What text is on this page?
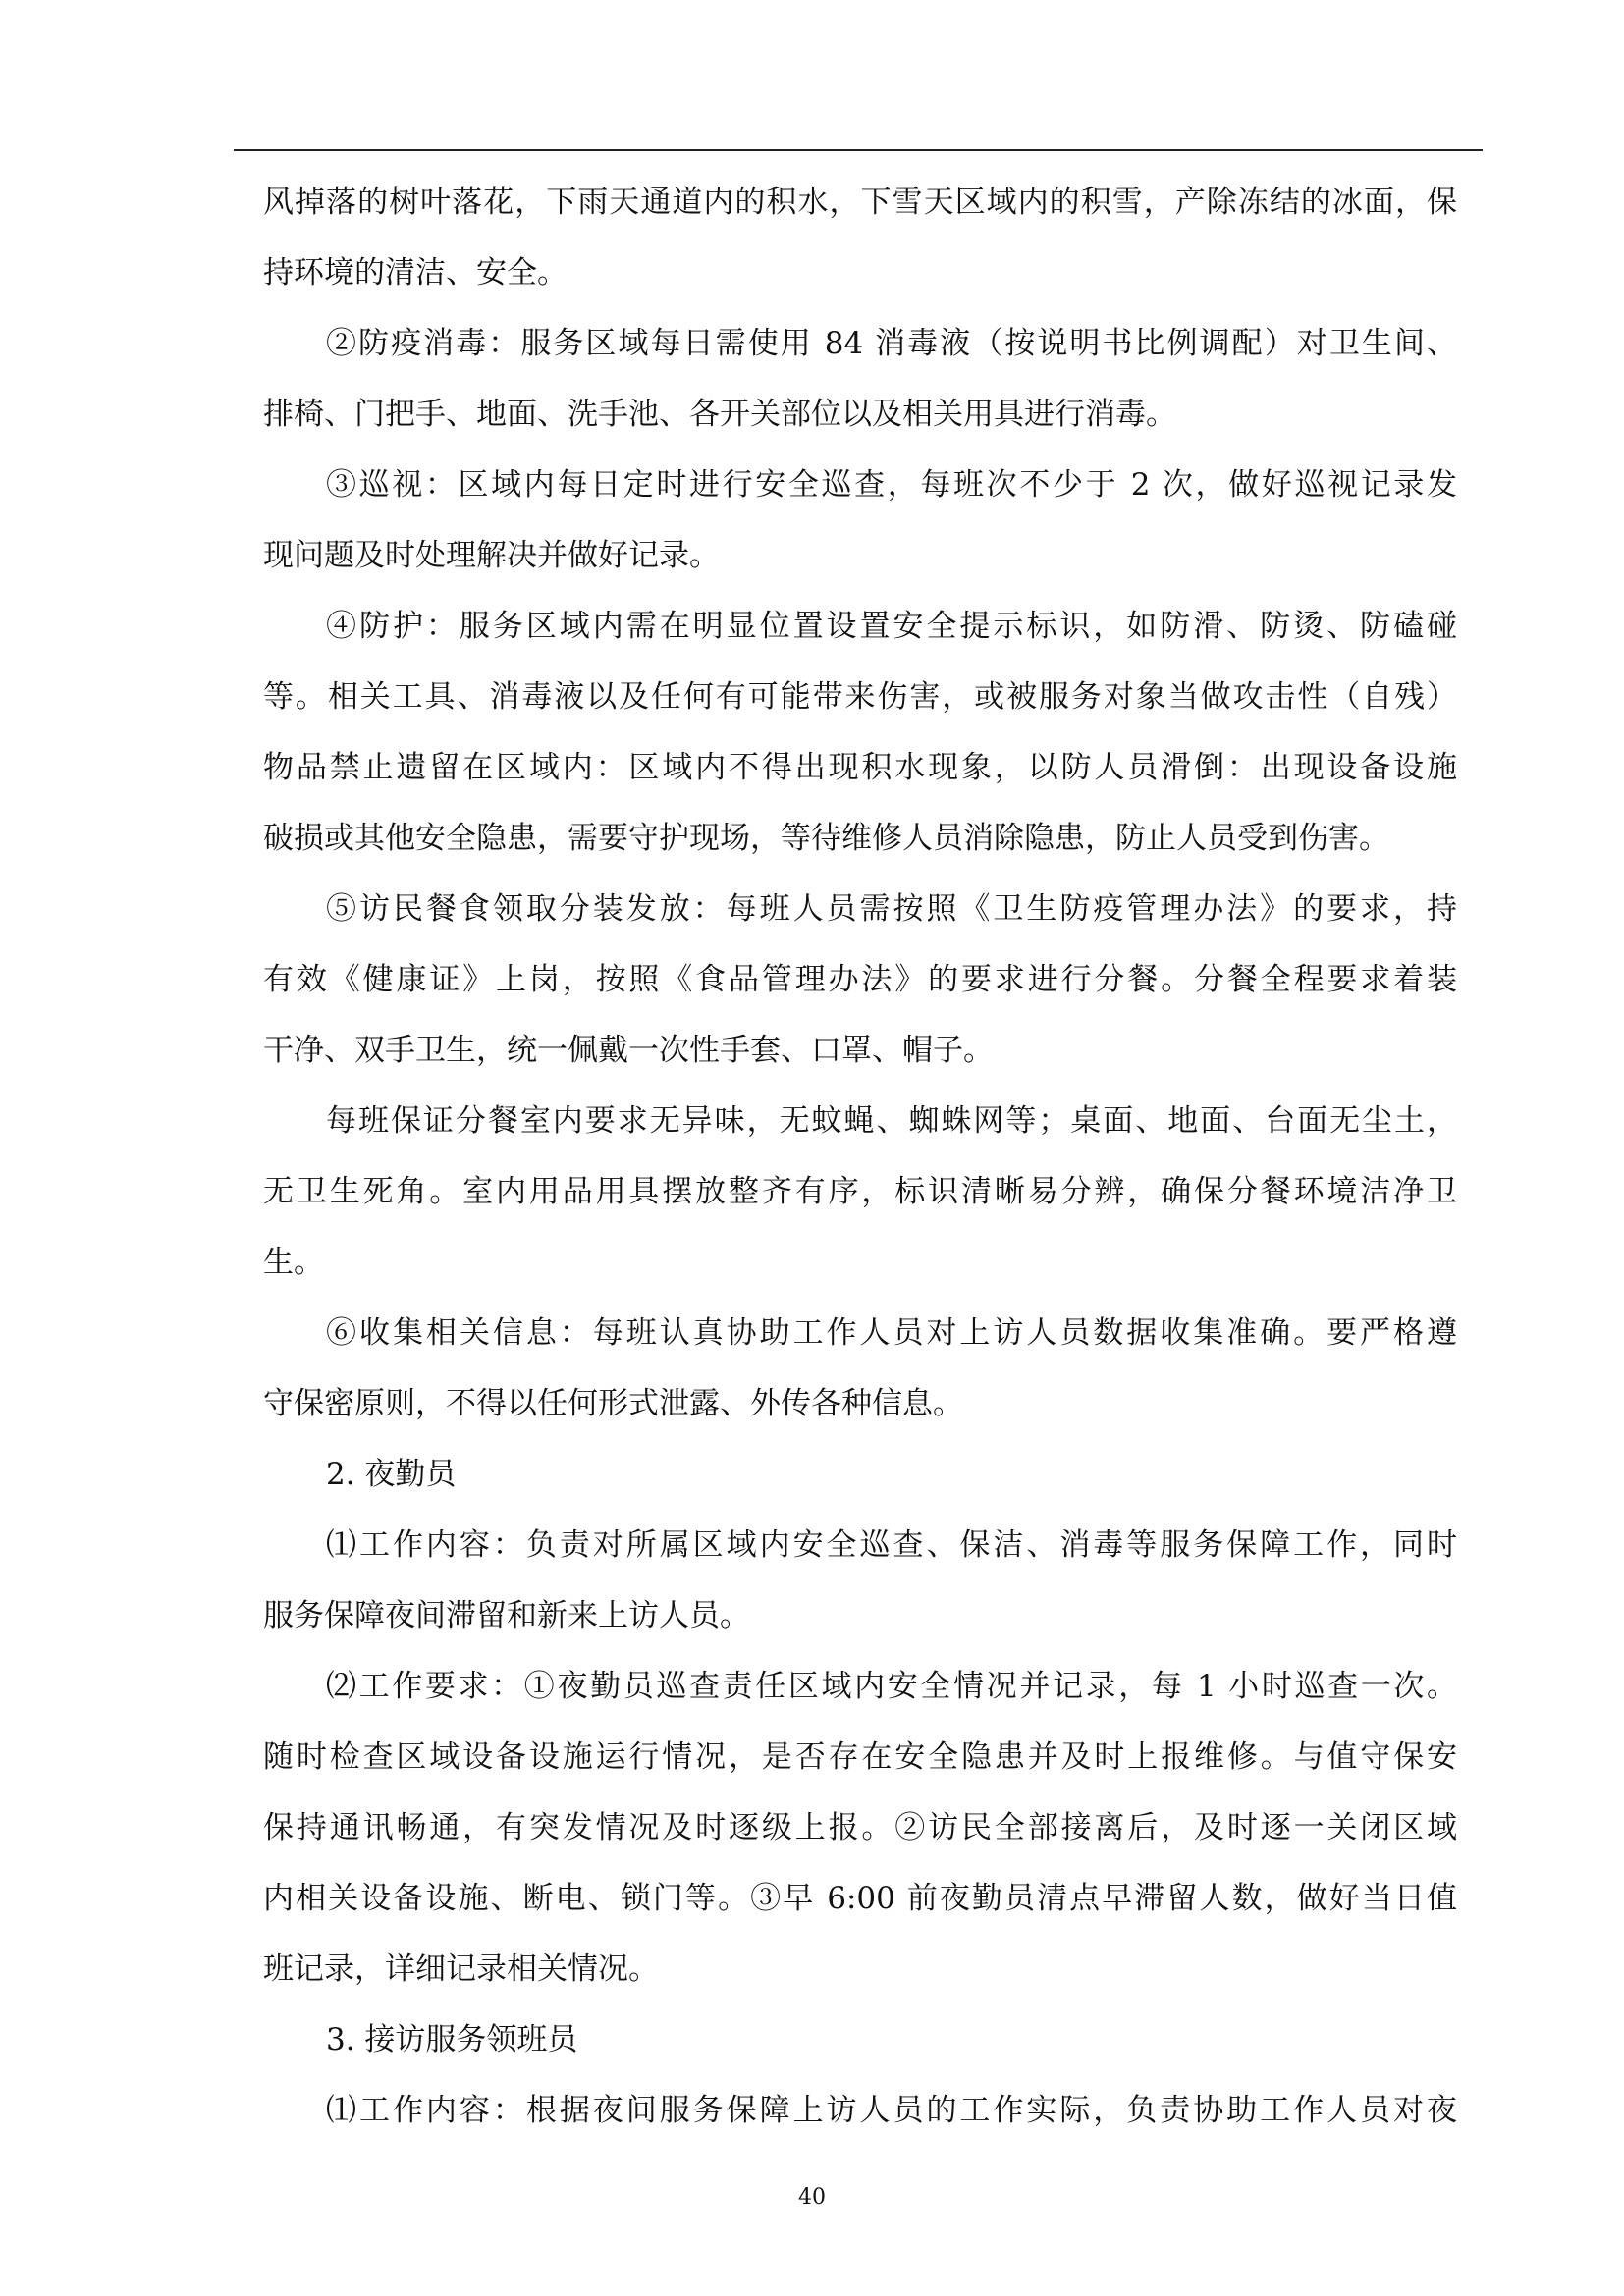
风掉落的树叶落花，下雨天通道内的积水，下雪天区域内的积雪，产除冻结的冰面，保

持环境的清洁、安全。

②防疫消毒：服务区域每日需使用 84 消毒液（按说明书比例调配）对卫生间、

排椅、门把手、地面、洗手池、各开关部位以及相关用具进行消毒。

③巡视：区域内每日定时进行安全巡查，每班次不少于 2 次，做好巡视记录发

现问题及时处理解决并做好记录。

④防护：服务区域内需在明显位置设置安全提示标识，如防滑、防烫、防磕碰

等。相关工具、消毒液以及任何有可能带来伤害，或被服务对象当做攻击性（自残）

物品禁止遗留在区域内：区域内不得出现积水现象，以防人员滑倒：出现设备设施

破损或其他安全隐患，需要守护现场，等待维修人员消除隐患，防止人员受到伤害。

⑤访民餐食领取分装发放：每班人员需按照《卫生防疫管理办法》的要求，持

有效《健康证》上岗，按照《食品管理办法》的要求进行分餐。分餐全程要求着装

干净、双手卫生，统一佩戴一次性手套、口罩、帽子。

每班保证分餐室内要求无异味，无蚊蝇、蜘蛛网等；桌面、地面、台面无尘土，

无卫生死角。室内用品用具摆放整齐有序，标识清晰易分辨，确保分餐环境洁净卫

生。

⑥收集相关信息：每班认真协助工作人员对上访人员数据收集准确。要严格遵

守保密原则，不得以任何形式泄露、外传各种信息。

2. 夜勤员

⑴工作内容：负责对所属区域内安全巡查、保洁、消毒等服务保障工作，同时

服务保障夜间滞留和新来上访人员。

⑵工作要求：①夜勤员巡查责任区域内安全情况并记录，每 1 小时巡查一次。

随时检查区域设备设施运行情况，是否存在安全隐患并及时上报维修。与值守保安

保持通讯畅通，有突发情况及时逐级上报。②访民全部接离后，及时逐一关闭区域

内相关设备设施、断电、锁门等。③早 6:00 前夜勤员清点早滞留人数，做好当日值

班记录，详细记录相关情况。

3. 接访服务领班员

⑴工作内容：根据夜间服务保障上访人员的工作实际，负责协助工作人员对夜

40
